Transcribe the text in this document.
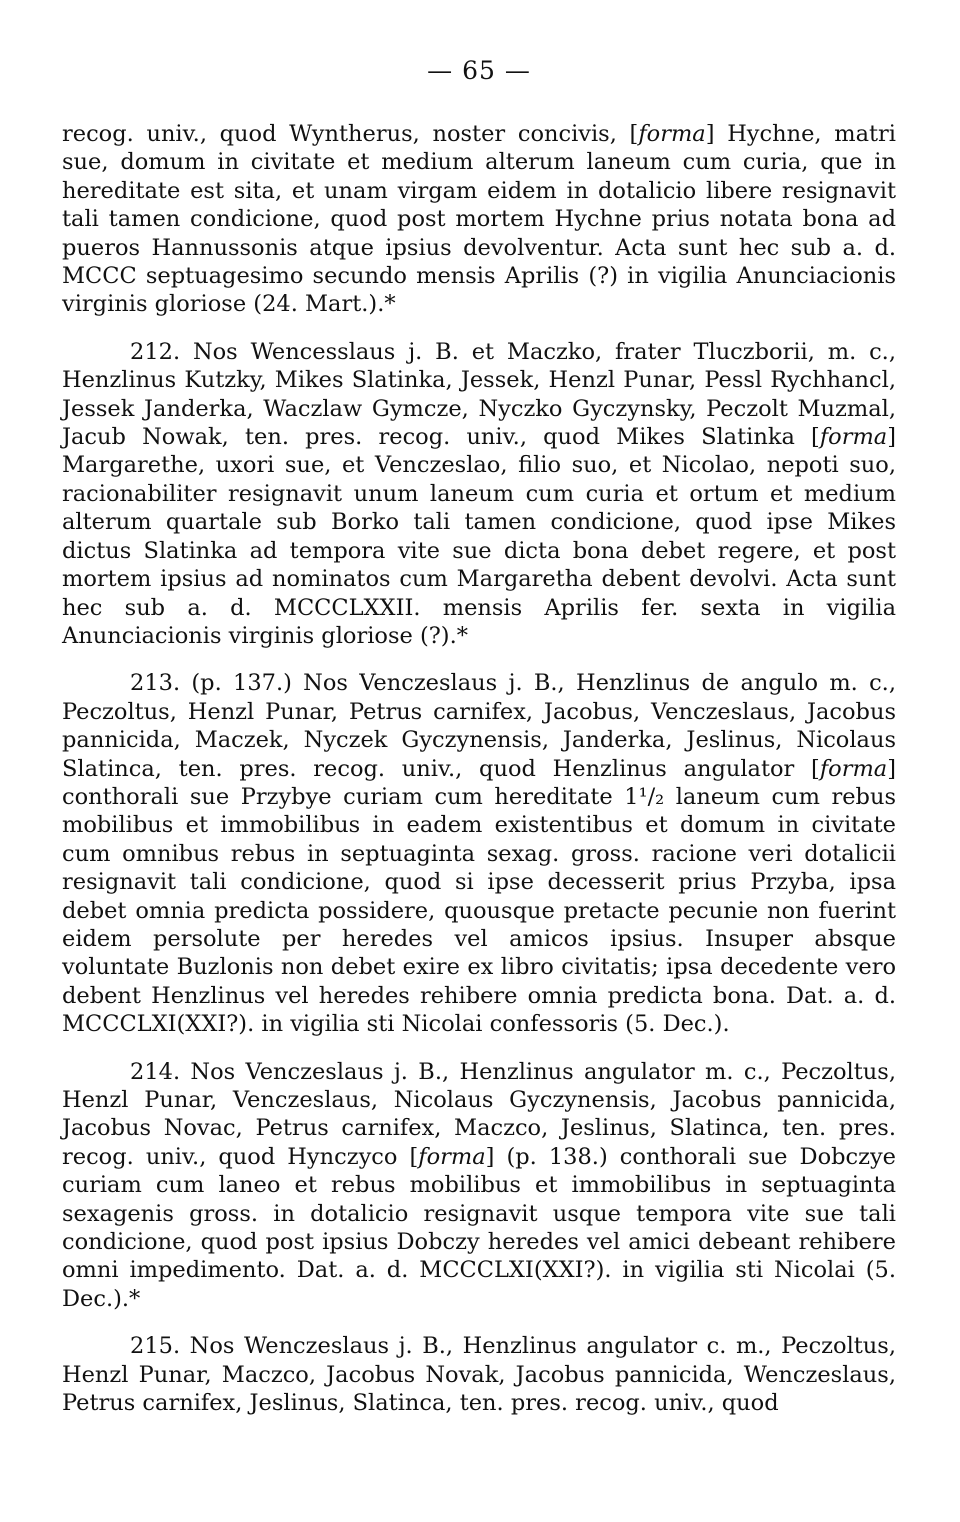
— 65 —

recog. univ., quod Wyntherus, noster concivis, [forma] Hychne, matri sue, domum in civitate et medium alterum laneum cum curia, que in hereditate est sita, et unam virgam eidem in dotalicio libere resignavit tali tamen condicione, quod post mortem Hychne prius notata bona ad pueros Hannussonis atque ipsius devolventur. Acta sunt hec sub a. d. MCCC septuagesimo secundo mensis Aprilis (?) in vigilia Anunciacionis virginis gloriose (24. Mart.).*

212. Nos Wencesslaus j. B. et Maczko, frater Tluczborii, m. c., Henzlinus Kutzky, Mikes Slatinka, Jessek, Henzl Punar, Pessl Rychhancl, Jessek Janderka, Waczlaw Gymcze, Nyczko Gyczynsky, Peczolt Muzmal, Jacub Nowak, ten. pres. recog. univ., quod Mikes Slatinka [forma] Margarethe, uxori sue, et Venczeslao, filio suo, et Nicolao, nepoti suo, racionabiliter resignavit unum laneum cum curia et ortum et medium alterum quartale sub Borko tali tamen condicione, quod ipse Mikes dictus Slatinka ad tempora vite sue dicta bona debet regere, et post mortem ipsius ad nominatos cum Margaretha debent devolvi. Acta sunt hec sub a. d. MCCCLXXII. mensis Aprilis fer. sexta in vigilia Anunciacionis virginis gloriose (?).*

213. (p. 137.) Nos Venczeslaus j. B., Henzlinus de angulo m. c., Peczoltus, Henzl Punar, Petrus carnifex, Jacobus, Venczeslaus, Jacobus pannicida, Maczek, Nyczek Gyczynensis, Janderka, Jeslinus, Nicolaus Slatinca, ten. pres. recog. univ., quod Henzlinus angulator [forma] conthorali sue Przybye curiam cum hereditate 1¹/₂ laneum cum rebus mobilibus et immobilibus in eadem existentibus et domum in civitate cum omnibus rebus in septuaginta sexag. gross. racione veri dotalicii resignavit tali condicione, quod si ipse decesserit prius Przyba, ipsa debet omnia predicta possidere, quousque pretacte pecunie non fuerint eidem persolute per heredes vel amicos ipsius. Insuper absque voluntate Buzlonis non debet exire ex libro civitatis; ipsa decedente vero debent Henzlinus vel heredes rehibere omnia predicta bona. Dat. a. d. MCCCLXI(XXI?). in vigilia sti Nicolai confessoris (5. Dec.).

214. Nos Venczeslaus j. B., Henzlinus angulator m. c., Peczoltus, Henzl Punar, Venczeslaus, Nicolaus Gyczynensis, Jacobus pannicida, Jacobus Novac, Petrus carnifex, Maczco, Jeslinus, Slatinca, ten. pres. recog. univ., quod Hynczyco [forma] (p. 138.) conthorali sue Dobczye curiam cum laneo et rebus mobilibus et immobilibus in septuaginta sexagenis gross. in dotalicio resignavit usque tempora vite sue tali condicione, quod post ipsius Dobczy heredes vel amici debeant rehibere omni impedimento. Dat. a. d. MCCCLXI(XXI?). in vigilia sti Nicolai (5. Dec.).*

215. Nos Wenczeslaus j. B., Henzlinus angulator c. m., Peczoltus, Henzl Punar, Maczco, Jacobus Novak, Jacobus pannicida, Wenczeslaus, Petrus carnifex, Jeslinus, Slatinca, ten. pres. recog. univ., quod
